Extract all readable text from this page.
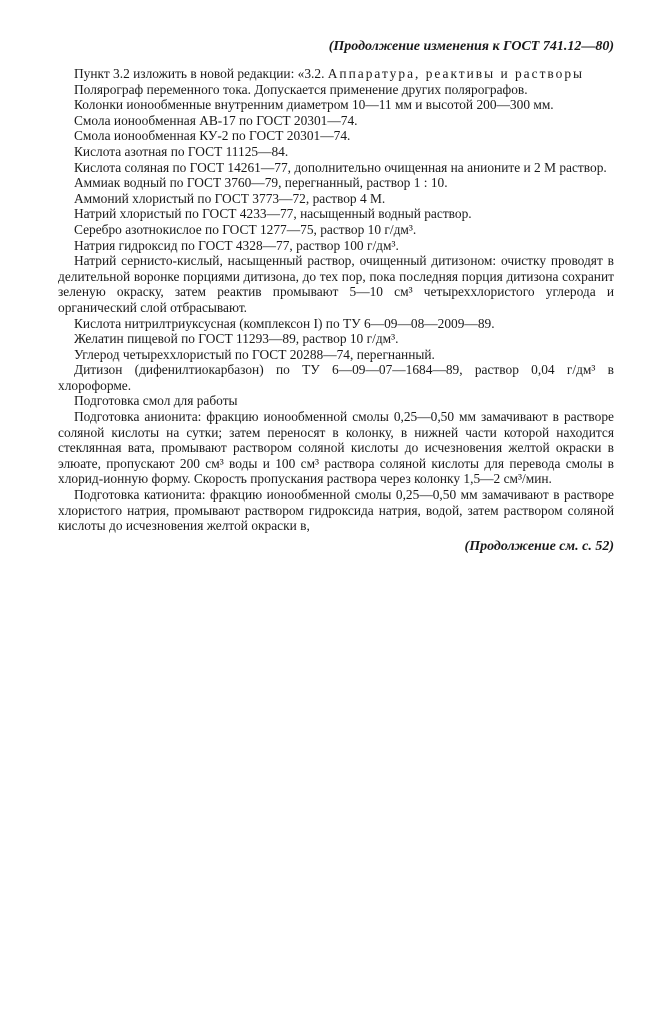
(Продолжение изменения к ГОСТ 741.12—80)

Пункт 3.2 изложить в новой редакции: «3.2. Аппаратура, реактивы и растворы

Полярограф переменного тока. Допускается применение других полярографов.

Колонки ионообменные внутренним диаметром 10—11 мм и высотой 200—300 мм.

Смола ионообменная АВ-17 по ГОСТ 20301—74.

Смола ионообменная КУ-2 по ГОСТ 20301—74.

Кислота азотная по ГОСТ 11125—84.

Кислота соляная по ГОСТ 14261—77, дополнительно очищенная на анионите и 2 М раствор.

Аммиак водный по ГОСТ 3760—79, перегнанный, раствор 1 : 10.

Аммоний хлористый по ГОСТ 3773—72, раствор 4 М.

Натрий хлористый по ГОСТ 4233—77, насыщенный водный раствор.

Серебро азотнокислое по ГОСТ 1277—75, раствор 10 г/дм³.

Натрия гидроксид по ГОСТ 4328—77, раствор 100 г/дм³.

Натрий сернисто-кислый, насыщенный раствор, очищенный дитизоном: очистку проводят в делительной воронке порциями дитизона, до тех пор, пока последняя порция дитизона сохранит зеленую окраску, затем реактив промывают 5—10 см³ четыреххлористого углерода и органический слой отбрасывают.

Кислота нитрилтриуксусная (комплексон I) по ТУ 6—09—08—2009—89.

Желатин пищевой по ГОСТ 11293—89, раствор 10 г/дм³.

Углерод четыреххлористый по ГОСТ 20288—74, перегнанный.

Дитизон (дифенилтиокарбазон) по ТУ 6—09—07—1684—89, раствор 0,04 г/дм³ в хлороформе.

Подготовка смол для работы

Подготовка анионита: фракцию ионообменной смолы 0,25—0,50 мм замачивают в растворе соляной кислоты на сутки; затем переносят в колонку, в нижней части которой находится стеклянная вата, промывают раствором соляной кислоты до исчезновения желтой окраски в элюате, пропускают 200 см³ воды и 100 см³ раствора соляной кислоты для перевода смолы в хлорид-ионную форму. Скорость пропускания раствора через колонку 1,5—2 см³/мин.

Подготовка катионита: фракцию ионообменной смолы 0,25—0,50 мм замачивают в растворе хлористого натрия, промывают раствором гидроксида натрия, водой, затем раствором соляной кислоты до исчезновения желтой окраски в,

(Продолжение см. с. 52)
